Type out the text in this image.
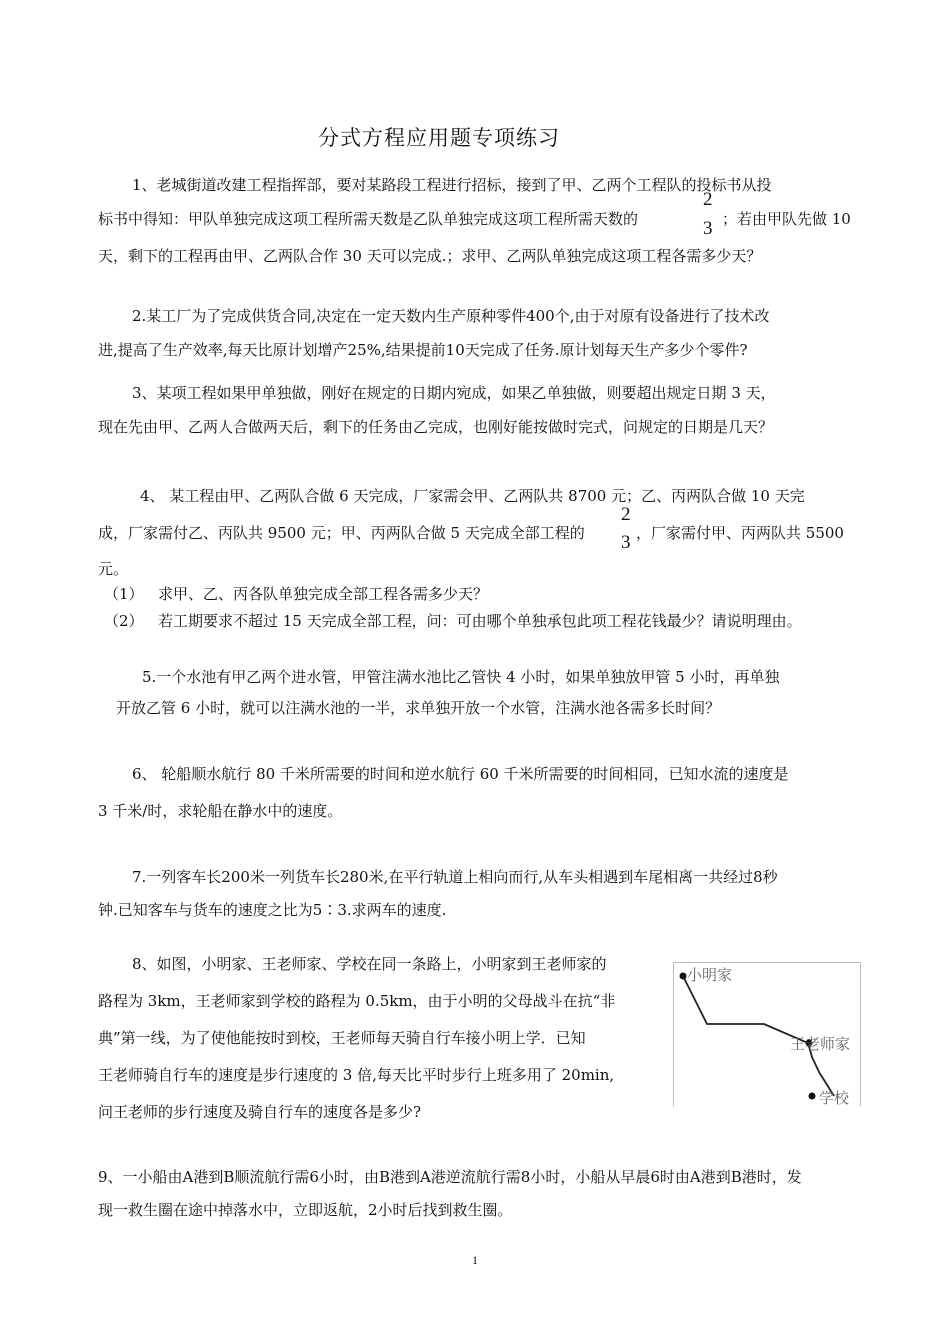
分式方程应用题专项练习
1、老城街道改建工程指挥部，要对某路段工程进行招标，接到了甲、乙两个工程队的投标书从投
标书中得知：甲队单独完成这项工程所需天数是乙队单独完成这项工程所需天数的
2
3 ；若由甲队先做 10
天，剩下的工程再由甲、乙两队合作 30 天可以完成.；求甲、乙两队单独完成这项工程各需多少天？
2.某工厂为了完成供货合同,决定在一定天数内生产原种零件400个,由于对原有设备进行了技术改
进,提高了生产效率,每天比原计划增产25%,结果提前10天完成了任务.原计划每天生产多少个零件?
3、某项工程如果甲单独做，刚好在规定的日期内宛成，如果乙单独做，则要超出规定日期 3 天，
现在先由甲、乙两人合做两天后，剩下的任务由乙完成，也刚好能按做时完式，问规定的日期是几天？
4、 某工程由甲、乙两队合做 6 天完成，厂家需会甲、乙两队共 8700 元；乙、丙两队合做 10 天完
成，厂家需付乙、丙队共 9500 元；甲、丙两队合做 5 天完成全部工程的
2
3 ，厂家需付甲、丙两队共 5500
元。
（1） 求甲、乙、丙各队单独完成全部工程各需多少天？
（2） 若工期要求不超过 15 天完成全部工程，问：可由哪个单独承包此项工程花钱最少？请说明理由。
5.一个水池有甲乙两个进水管，甲管注满水池比乙管快 4 小时，如果单独放甲管 5 小时，再单独
开放乙管 6 小时，就可以注满水池的一半，求单独开放一个水管，注满水池各需多长时间？
6、 轮船顺水航行 80 千米所需要的时间和逆水航行 60 千米所需要的时间相同，已知水流的速度是
3 千米/时，求轮船在静水中的速度。
7.一列客车长200米一列货车长280米,在平行轨道上相向而行,从车头相遇到车尾相离一共经过8秒
钟.已知客车与货车的速度之比为5∶3.求两车的速度.
8、如图，小明家、王老师家、学校在同一条路上，小明家到王老师家的
路程为 3km，王老师家到学校的路程为 0.5km，由于小明的父母战斗在抗“非
典”第一线，为了使他能按时到校，王老师每天骑自行车接小明上学．已知
王老师骑自行车的速度是步行速度的 3 倍,每天比平时步行上班多用了 20min,
问王老师的步行速度及骑自行车的速度各是多少?
小明家
王老师家
学校
9、一小船由A港到B顺流航行需6小时，由B港到A港逆流航行需8小时，小船从早晨6时由A港到B港时，发
现一救生圈在途中掉落水中，立即返航，2小时后找到救生圈。
1
